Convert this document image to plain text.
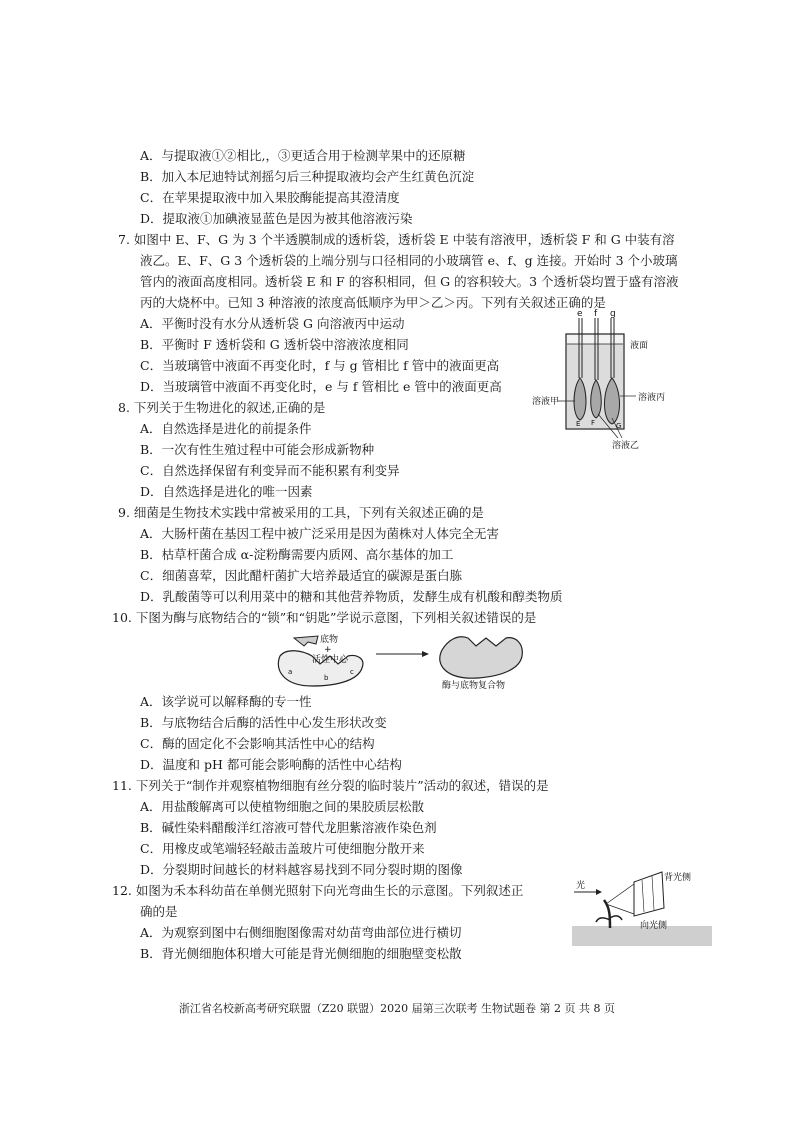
A．与提取液①②相比,，③更适合用于检测苹果中的还原糖
B．加入本尼迪特试剂摇匀后三种提取液均会产生红黄色沉淀
C．在苹果提取液中加入果胶酶能提高其澄清度
D．提取液①加碘液显蓝色是因为被其他溶液污染
7. 如图中 E、F、G 为 3 个半透膜制成的透析袋，透析袋 E 中装有溶液甲，透析袋 F 和 G 中装有溶
液乙。E、F、G 3 个透析袋的上端分别与口径相同的小玻璃管 e、f、g 连接。开始时 3 个小玻璃
管内的液面高度相同。透析袋 E 和 F 的容积相同，但 G 的容积较大。3 个透析袋均置于盛有溶液
丙的大烧杯中。已知 3 种溶液的浓度高低顺序为甲＞乙＞丙。下列有关叙述正确的是
A．平衡时没有水分从透析袋 G 向溶液丙中运动
B．平衡时 F 透析袋和 G 透析袋中溶液浓度相同
C．当玻璃管中液面不再变化时，f 与 g 管相比 f 管中的液面更高
D．当玻璃管中液面不再变化时，e 与 f 管相比 e 管中的液面更高
e f g
液面
溶液甲	溶液丙
溶液乙
E F	G
8. 下列关于生物进化的叙述,正确的是
A．自然选择是进化的前提条件
B．一次有性生殖过程中可能会形成新物种
C．自然选择保留有利变异而不能积累有利变异
D．自然选择是进化的唯一因素
9. 细菌是生物技术实践中常被采用的工具，下列有关叙述正确的是
A．大肠杆菌在基因工程中被广泛采用是因为菌株对人体完全无害
B．枯草杆菌合成 α-淀粉酶需要内质网、高尔基体的加工
C．细菌喜荤，因此醋杆菌扩大培养最适宜的碳源是蛋白胨
D．乳酸菌等可以利用菜中的糖和其他营养物质，发酵生成有机酸和醇类物质
10. 下图为酶与底物结合的“锁”和“钥匙”学说示意图，下列相关叙述错误的是
底物
+
活性中心
a
b
c
酶与底物复合物
A．该学说可以解释酶的专一性
B．与底物结合后酶的活性中心发生形状改变
C．酶的固定化不会影响其活性中心的结构
D．温度和 pH 都可能会影响酶的活性中心结构
11. 下列关于“制作并观察植物细胞有丝分裂的临时装片”活动的叙述，错误的是
A．用盐酸解离可以使植物细胞之间的果胶质层松散
B．碱性染料醋酸洋红溶液可替代龙胆紫溶液作染色剂
C．用橡皮或笔端轻轻敲击盖玻片可使细胞分散开来
D．分裂期时间越长的材料越容易找到不同分裂时期的图像
12. 如图为禾本科幼苗在单侧光照射下向光弯曲生长的示意图。下列叙述正
确的是
A．为观察到图中右侧细胞图像需对幼苗弯曲部位进行横切
B．背光侧细胞体积增大可能是背光侧细胞的细胞壁变松散
光
背光侧
向光侧
浙江省名校新高考研究联盟（Z20 联盟）2020 届第三次联考 生物试题卷 第 2 页 共 8 页
